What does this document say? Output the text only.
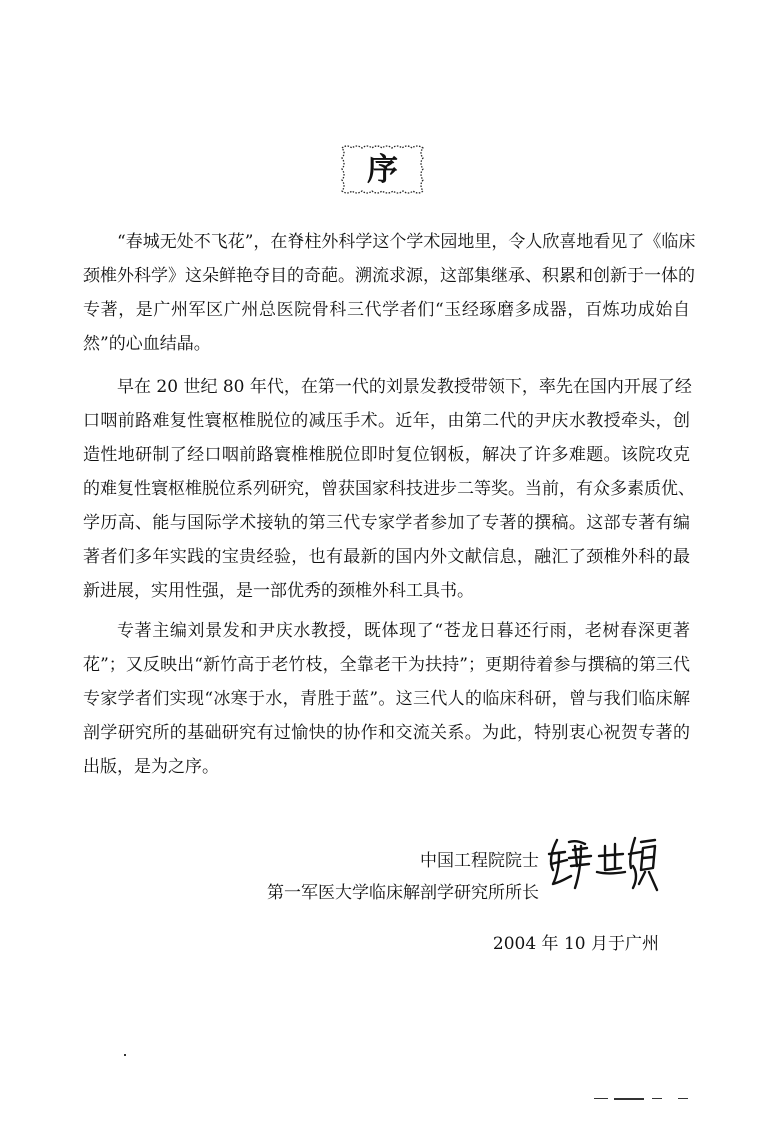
序
“春城无处不飞花”，在脊柱外科学这个学术园地里，令人欣喜地看见了《临床
颈椎外科学》这朵鲜艳夺目的奇葩。溯流求源，这部集继承、积累和创新于一体的
专著，是广州军区广州总医院骨科三代学者们“玉经琢磨多成器，百炼功成始自
然”的心血结晶。
早在 20 世纪 80 年代，在第一代的刘景发教授带领下，率先在国内开展了经
口咽前路难复性寰枢椎脱位的减压手术。近年，由第二代的尹庆水教授牵头，创
造性地研制了经口咽前路寰椎椎脱位即时复位钢板，解决了许多难题。该院攻克
的难复性寰枢椎脱位系列研究，曾获国家科技进步二等奖。当前，有众多素质优、
学历高、能与国际学术接轨的第三代专家学者参加了专著的撰稿。这部专著有编
著者们多年实践的宝贵经验，也有最新的国内外文献信息，融汇了颈椎外科的最
新进展，实用性强，是一部优秀的颈椎外科工具书。
专著主编刘景发和尹庆水教授，既体现了“苍龙日暮还行雨，老树春深更著
花”；又反映出“新竹高于老竹枝，全靠老干为扶持”；更期待着参与撰稿的第三代
专家学者们实现“冰寒于水，青胜于蓝”。这三代人的临床科研，曾与我们临床解
剖学研究所的基础研究有过愉快的协作和交流关系。为此，特别衷心祝贺专著的
出版，是为之序。
中国工程院院士
第一军医大学临床解剖学研究所所长
2004 年 10 月于广州
